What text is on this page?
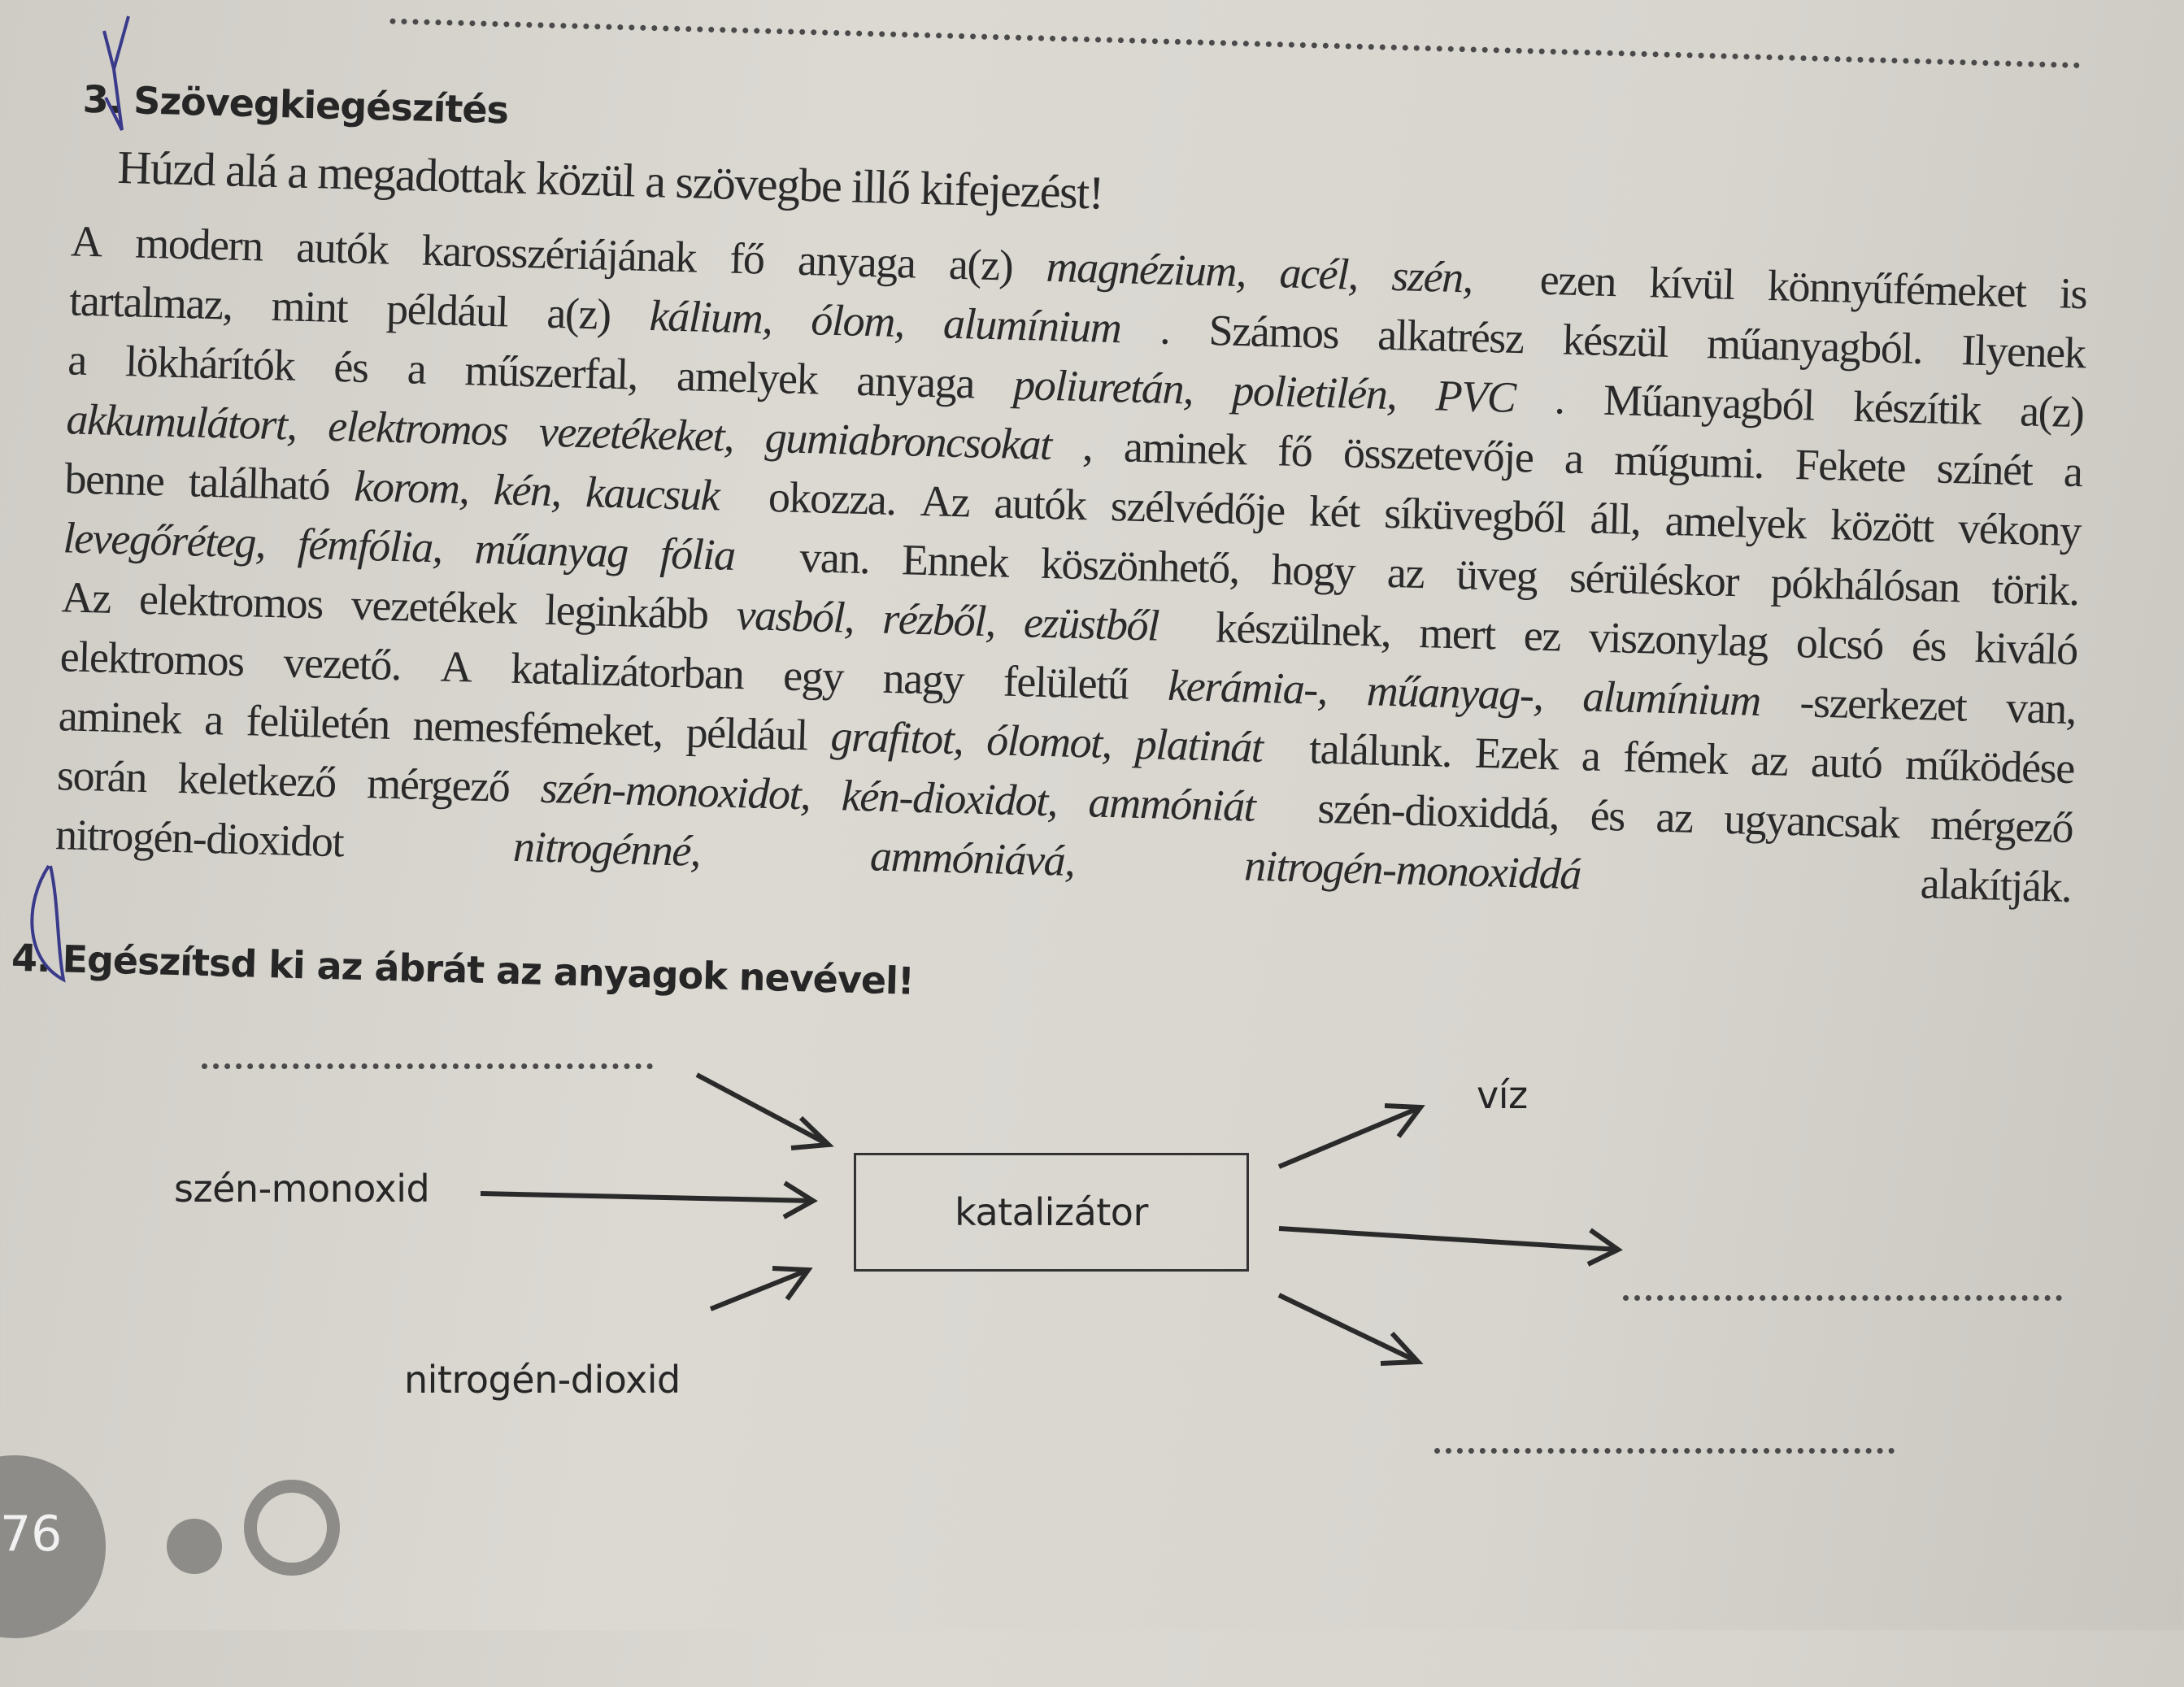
3. Szövegkiegészítés
Húzd alá a megadottak közül a szövegbe illő kifejezést!
A modern autók karosszériájának fő anyaga a(z) magnézium, acél, szén, ezen kívül könnyűfémeket is
tartalmaz, mint például a(z) kálium, ólom, alumínium . Számos alkatrész készül műanyagból. Ilyenek
a lökhárítók és a műszerfal, amelyek anyaga poliuretán, polietilén, PVC . Műanyagból készítik a(z)
akkumulátort, elektromos vezetékeket, gumiabroncsokat , aminek fő összetevője a műgumi. Fekete színét a
benne található korom, kén, kaucsuk okozza. Az autók szélvédője két síküvegből áll, amelyek között vékony
levegőréteg, fémfólia, műanyag fólia van. Ennek köszönhető, hogy az üveg sérüléskor pókhálósan törik.
Az elektromos vezetékek leginkább vasból, rézből, ezüstből készülnek, mert ez viszonylag olcsó és kiváló
elektromos vezető. A katalizátorban egy nagy felületű kerámia-, műanyag-, alumínium -szerkezet van,
aminek a felületén nemesfémeket, például grafitot, ólomot, platinát találunk. Ezek a fémek az autó működése
során keletkező mérgező szén-monoxidot, kén-dioxidot, ammóniát szén-dioxiddá, és az ugyancsak mérgező
nitrogén-dioxidot	nitrogénné,	ammóniává,	nitrogén-monoxiddá	alakítják.
4. Egészítsd ki az ábrát az anyagok nevével!
szén-monoxid
nitrogén-dioxid
katalizátor
víz
76
